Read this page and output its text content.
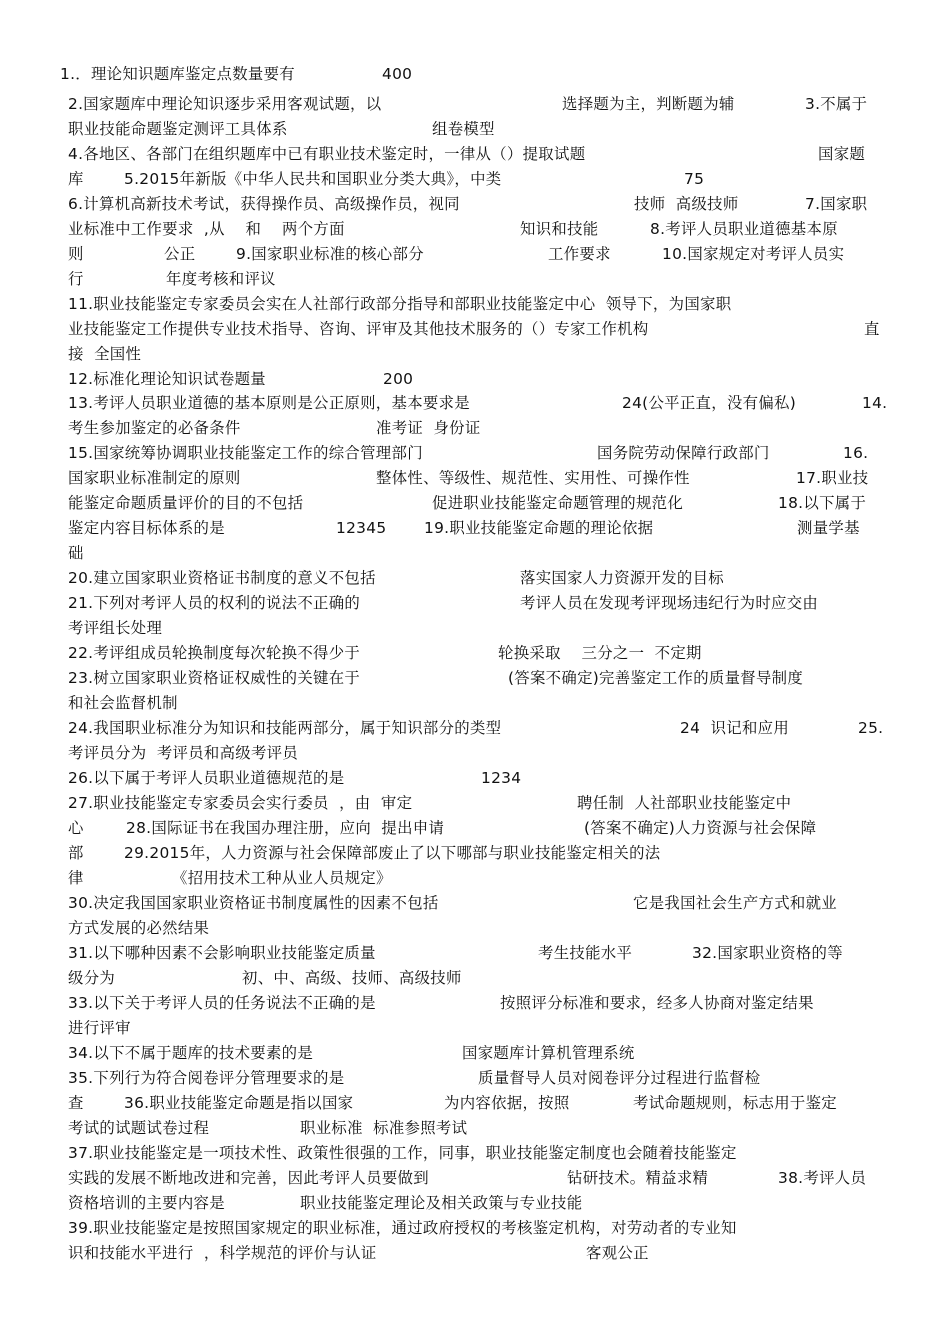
1.．理论知识题库鉴定点数量要有	400
2.国家题库中理论知识逐步采用客观试题，以	选择题为主，判断题为辅	3.不属于
职业技能命题鉴定测评工具体系	组卷模型
4.各地区、各部门在组织题库中已有职业技术鉴定时，一律从（）提取试题	国家题
库	5.2015年新版《中华人民共和国职业分类大典》，中类	75
6.计算机高新技术考试，获得操作员、高级操作员，视同	技师  高级技师	7.国家职
业标准中工作要求  ,从    和    两个方面	知识和技能	8.考评人员职业道德基本原
则	公正	9.国家职业标准的核心部分	工作要求	10.国家规定对考评人员实
行	年度考核和评议
11.职业技能鉴定专家委员会实在人社部行政部分指导和部职业技能鉴定中心  领导下，为国家职
业技能鉴定工作提供专业技术指导、咨询、评审及其他技术服务的（）专家工作机构	直
接  全国性
12.标准化理论知识试卷题量	200
13.考评人员职业道德的基本原则是公正原则，基本要求是	24(公平正直，没有偏私)	14.
考生参加鉴定的必备条件	准考证  身份证
15.国家统筹协调职业技能鉴定工作的综合管理部门	国务院劳动保障行政部门	16.
国家职业标准制定的原则	整体性、等级性、规范性、实用性、可操作性	17.职业技
能鉴定命题质量评价的目的不包括	促进职业技能鉴定命题管理的规范化	18.以下属于
鉴定内容目标体系的是	12345 19.职业技能鉴定命题的理论依据	测量学基
础
20.建立国家职业资格证书制度的意义不包括	落实国家人力资源开发的目标
21.下列对考评人员的权利的说法不正确的	考评人员在发现考评现场违纪行为时应交由
考评组长处理
22.考评组成员轮换制度每次轮换不得少于	轮换采取    三分之一  不定期
23.树立国家职业资格证权威性的关键在于	(答案不确定)完善鉴定工作的质量督导制度
和社会监督机制
24.我国职业标准分为知识和技能两部分，属于知识部分的类型	24  识记和应用	25.
考评员分为  考评员和高级考评员
26.以下属于考评人员职业道德规范的是	1234
27.职业技能鉴定专家委员会实行委员  ，由  审定	聘任制  人社部职业技能鉴定中
心	28.国际证书在我国办理注册，应向  提出申请	(答案不确定)人力资源与社会保障
部	29.2015年，人力资源与社会保障部废止了以下哪部与职业技能鉴定相关的法
律	《招用技术工种从业人员规定》
30.决定我国国家职业资格证书制度属性的因素不包括	它是我国社会生产方式和就业
方式发展的必然结果
31.以下哪种因素不会影响职业技能鉴定质量	考生技能水平	32.国家职业资格的等
级分为	初、中、高级、技师、高级技师
33.以下关于考评人员的任务说法不正确的是	按照评分标准和要求，经多人协商对鉴定结果
进行评审
34.以下不属于题库的技术要素的是	国家题库计算机管理系统
35.下列行为符合阅卷评分管理要求的是	质量督导人员对阅卷评分过程进行监督检
查	36.职业技能鉴定命题是指以国家	为内容依据，按照	考试命题规则，标志用于鉴定
考试的试题试卷过程	职业标准  标准参照考试
37.职业技能鉴定是一项技术性、政策性很强的工作，同事，职业技能鉴定制度也会随着技能鉴定
实践的发展不断地改进和完善，因此考评人员要做到	钻研技术。精益求精	38.考评人员
资格培训的主要内容是	职业技能鉴定理论及相关政策与专业技能
39.职业技能鉴定是按照国家规定的职业标准，通过政府授权的考核鉴定机构，对劳动者的专业知
识和技能水平进行  ，科学规范的评价与认证	客观公正
